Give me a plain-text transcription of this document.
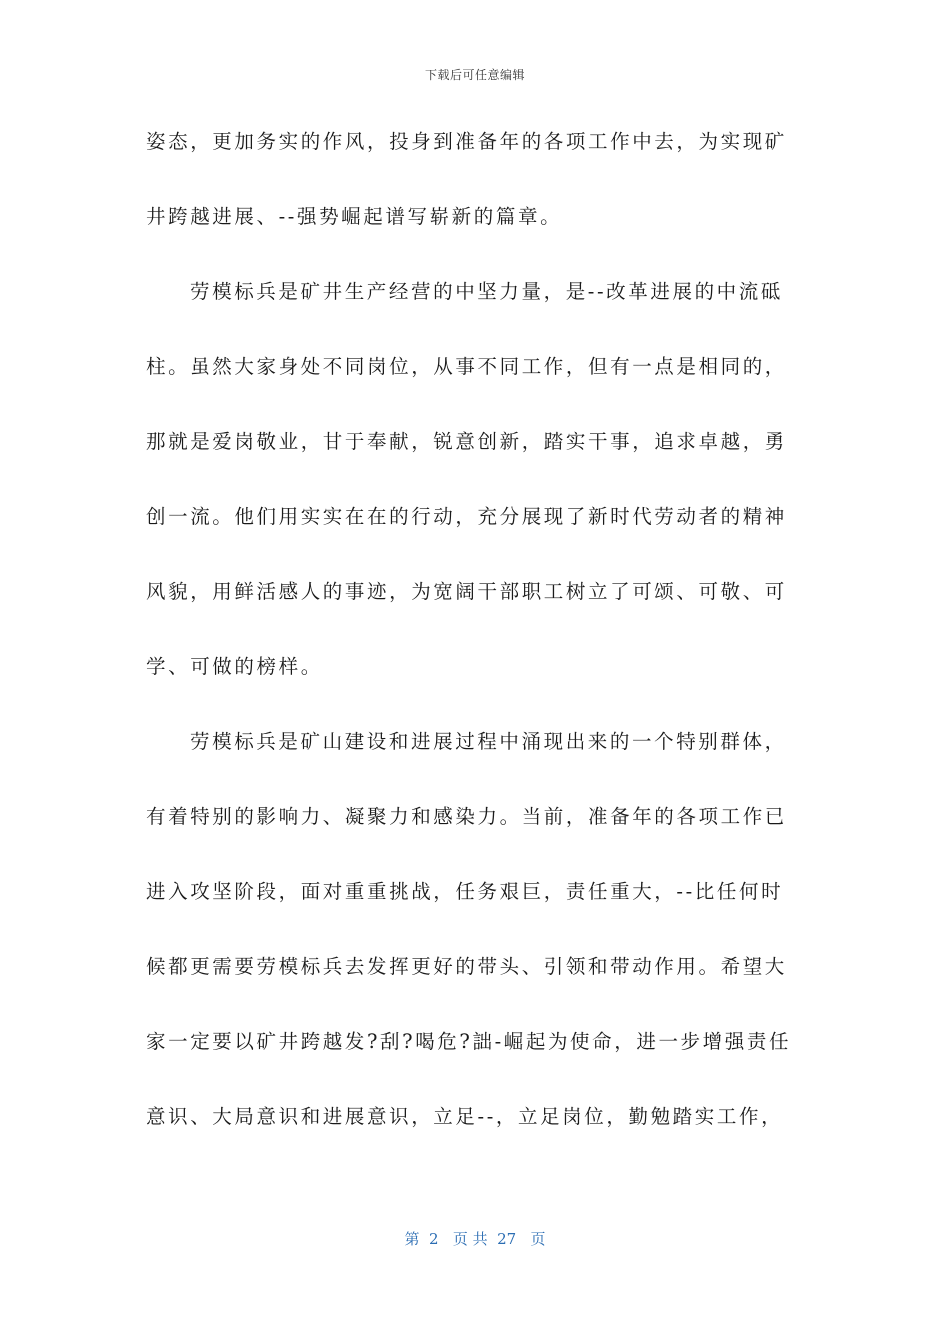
下载后可任意编辑
姿态，更加务实的作风，投身到准备年的各项工作中去，为实现矿
井跨越进展、--强势崛起谱写崭新的篇章。
劳模标兵是矿井生产经营的中坚力量，是--改革进展的中流砥
柱。虽然大家身处不同岗位，从事不同工作，但有一点是相同的，
那就是爱岗敬业，甘于奉献，锐意创新，踏实干事，追求卓越，勇
创一流。他们用实实在在的行动，充分展现了新时代劳动者的精神
风貌，用鲜活感人的事迹，为宽阔干部职工树立了可颂、可敬、可
学、可做的榜样。
劳模标兵是矿山建设和进展过程中涌现出来的一个特别群体，
有着特别的影响力、凝聚力和感染力。当前，准备年的各项工作已
进入攻坚阶段，面对重重挑战，任务艰巨，责任重大，--比任何时
候都更需要劳模标兵去发挥更好的带头、引领和带动作用。希望大
家一定要以矿井跨越发?刮?喝危?詘-崛起为使命，进一步增强责任
意识、大局意识和进展意识，立足--，立足岗位，勤勉踏实工作，
第  2   页 共  27   页
